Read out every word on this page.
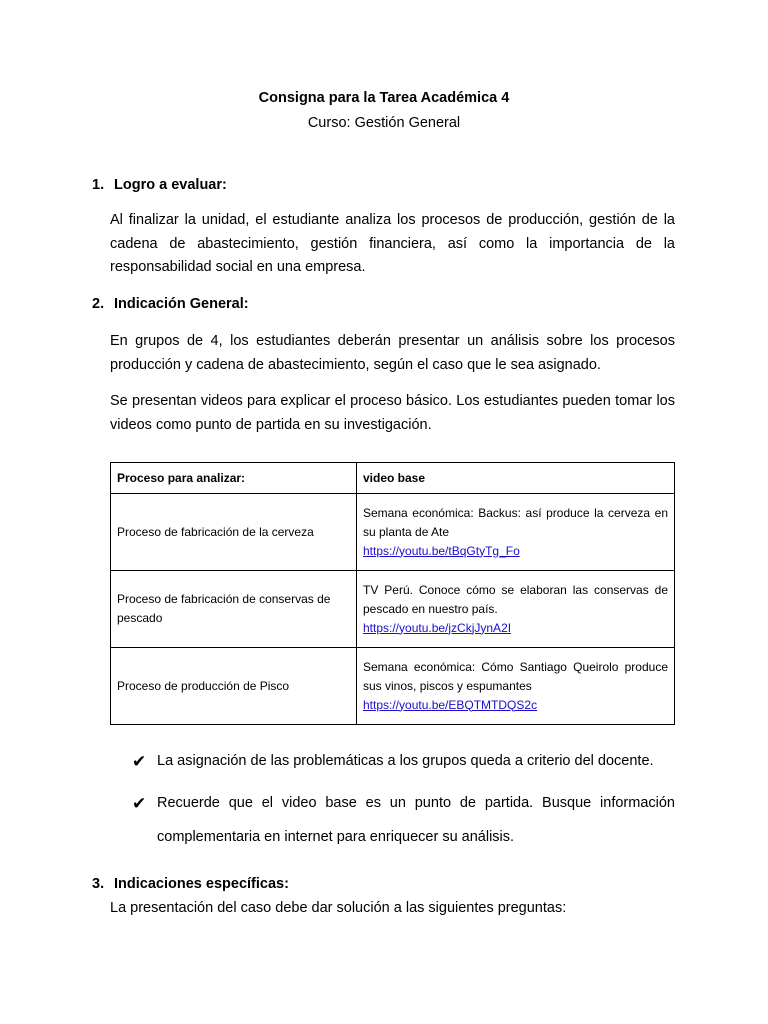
Consigna para la Tarea Académica 4
Curso: Gestión General
1. Logro a evaluar:
Al finalizar la unidad, el estudiante analiza los procesos de producción, gestión de la cadena de abastecimiento, gestión financiera, así como la importancia de la responsabilidad social en una empresa.
2. Indicación General:
En grupos de 4, los estudiantes deberán presentar un análisis sobre los procesos producción y cadena de abastecimiento, según el caso que le sea asignado.
Se presentan videos para explicar el proceso básico. Los estudiantes pueden tomar los videos como punto de partida en su investigación.
Proceso para analizar:	video base
Proceso de fabricación de la cerveza	Semana económica: Backus: así produce la cerveza en su planta de Ate
https://youtu.be/tBqGtyTg_Fo
Proceso de fabricación de conservas de pescado	TV Perú. Conoce cómo se elaboran las conservas de pescado en nuestro país.
https://youtu.be/jzCkjJynA2I
Proceso de producción de Pisco	Semana económica: Cómo Santiago Queirolo produce sus vinos, piscos y espumantes
https://youtu.be/EBQTMTDQS2c
✔ La asignación de las problemáticas a los grupos queda a criterio del docente.
✔ Recuerde que el video base es un punto de partida. Busque información complementaria en internet para enriquecer su análisis.
3. Indicaciones específicas:
La presentación del caso debe dar solución a las siguientes preguntas:
